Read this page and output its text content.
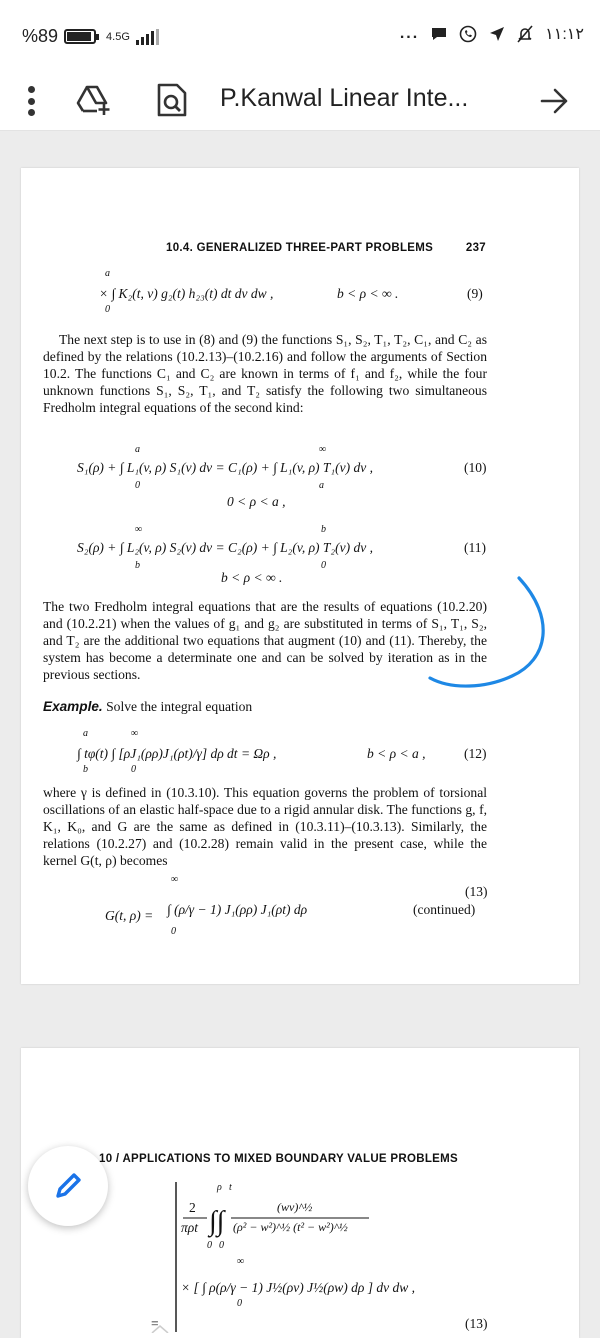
%89	4.5G	...	۱۱:۱۲
P.Kanwal Linear Inte...
10.4. GENERALIZED THREE-PART PROBLEMS	237
a
0
× ∫ K₂(t, v) g₂(t) h₂₃(t) dt dv dw ,	b < ρ < ∞ .	(9)
The next step is to use in (8) and (9) the functions S₁, S₂, T₁, T₂, C₁, and C₂ as defined by the relations (10.2.13)–(10.2.16) and follow the arguments of Section 10.2. The functions C₁ and C₂ are known in terms of f₁ and f₂, while the four unknown functions S₁, S₂, T₁, and T₂ satisfy the following two simultaneous Fredholm integral equations of the second kind:
a
0
∞
a
S₁(ρ) + ∫ L₁(v, ρ) S₁(v) dv = C₁(ρ) + ∫ L₁(v, ρ) T₁(v) dv ,	(10)
0 < ρ < a ,
∞
b
b
0
S₂(ρ) + ∫ L₂(v, ρ) S₂(v) dv = C₂(ρ) + ∫ L₂(v, ρ) T₂(v) dv ,	(11)
b < ρ < ∞ .
The two Fredholm integral equations that are the results of equations (10.2.20) and (10.2.21) when the values of g₁ and g₂ are substituted in terms of S₁, T₁, S₂, and T₂ are the additional two equations that augment (10) and (11). Thereby, the system has become a determinate one and can be solved by iteration as in the previous sections.
Example. Solve the integral equation
a
b
∞
0
∫ tφ(t) ∫ [ρJ₁(ρρ)J₁(ρt)/γ] dρ dt = Ωρ ,	b < ρ < a ,	(12)
where γ is defined in (10.3.10). This equation governs the problem of torsional oscillations of an elastic half-space due to a rigid annular disk. The functions g, f, K₁, K₀, and G are the same as defined in (10.3.11)–(10.3.13). Similarly, the relations (10.2.27) and (10.2.28) remain valid in the present case, while the kernel G(t, ρ) becomes
G(t, ρ) =
∞
0
∫ (ρ/γ − 1) J₁(ρρ) J₁(ρt) dρ
(13)
(continued)
10 / APPLICATIONS TO MIXED BOUNDARY VALUE PROBLEMS
2
πρt
ρ t
∫∫
0 0
(wv)^½
(ρ² − w²)^½ (t² − w²)^½
∞
0
× [ ∫ ρ(ρ/γ − 1) J½(ρv) J½(ρw) dρ ] dv dw ,
=	(13)
